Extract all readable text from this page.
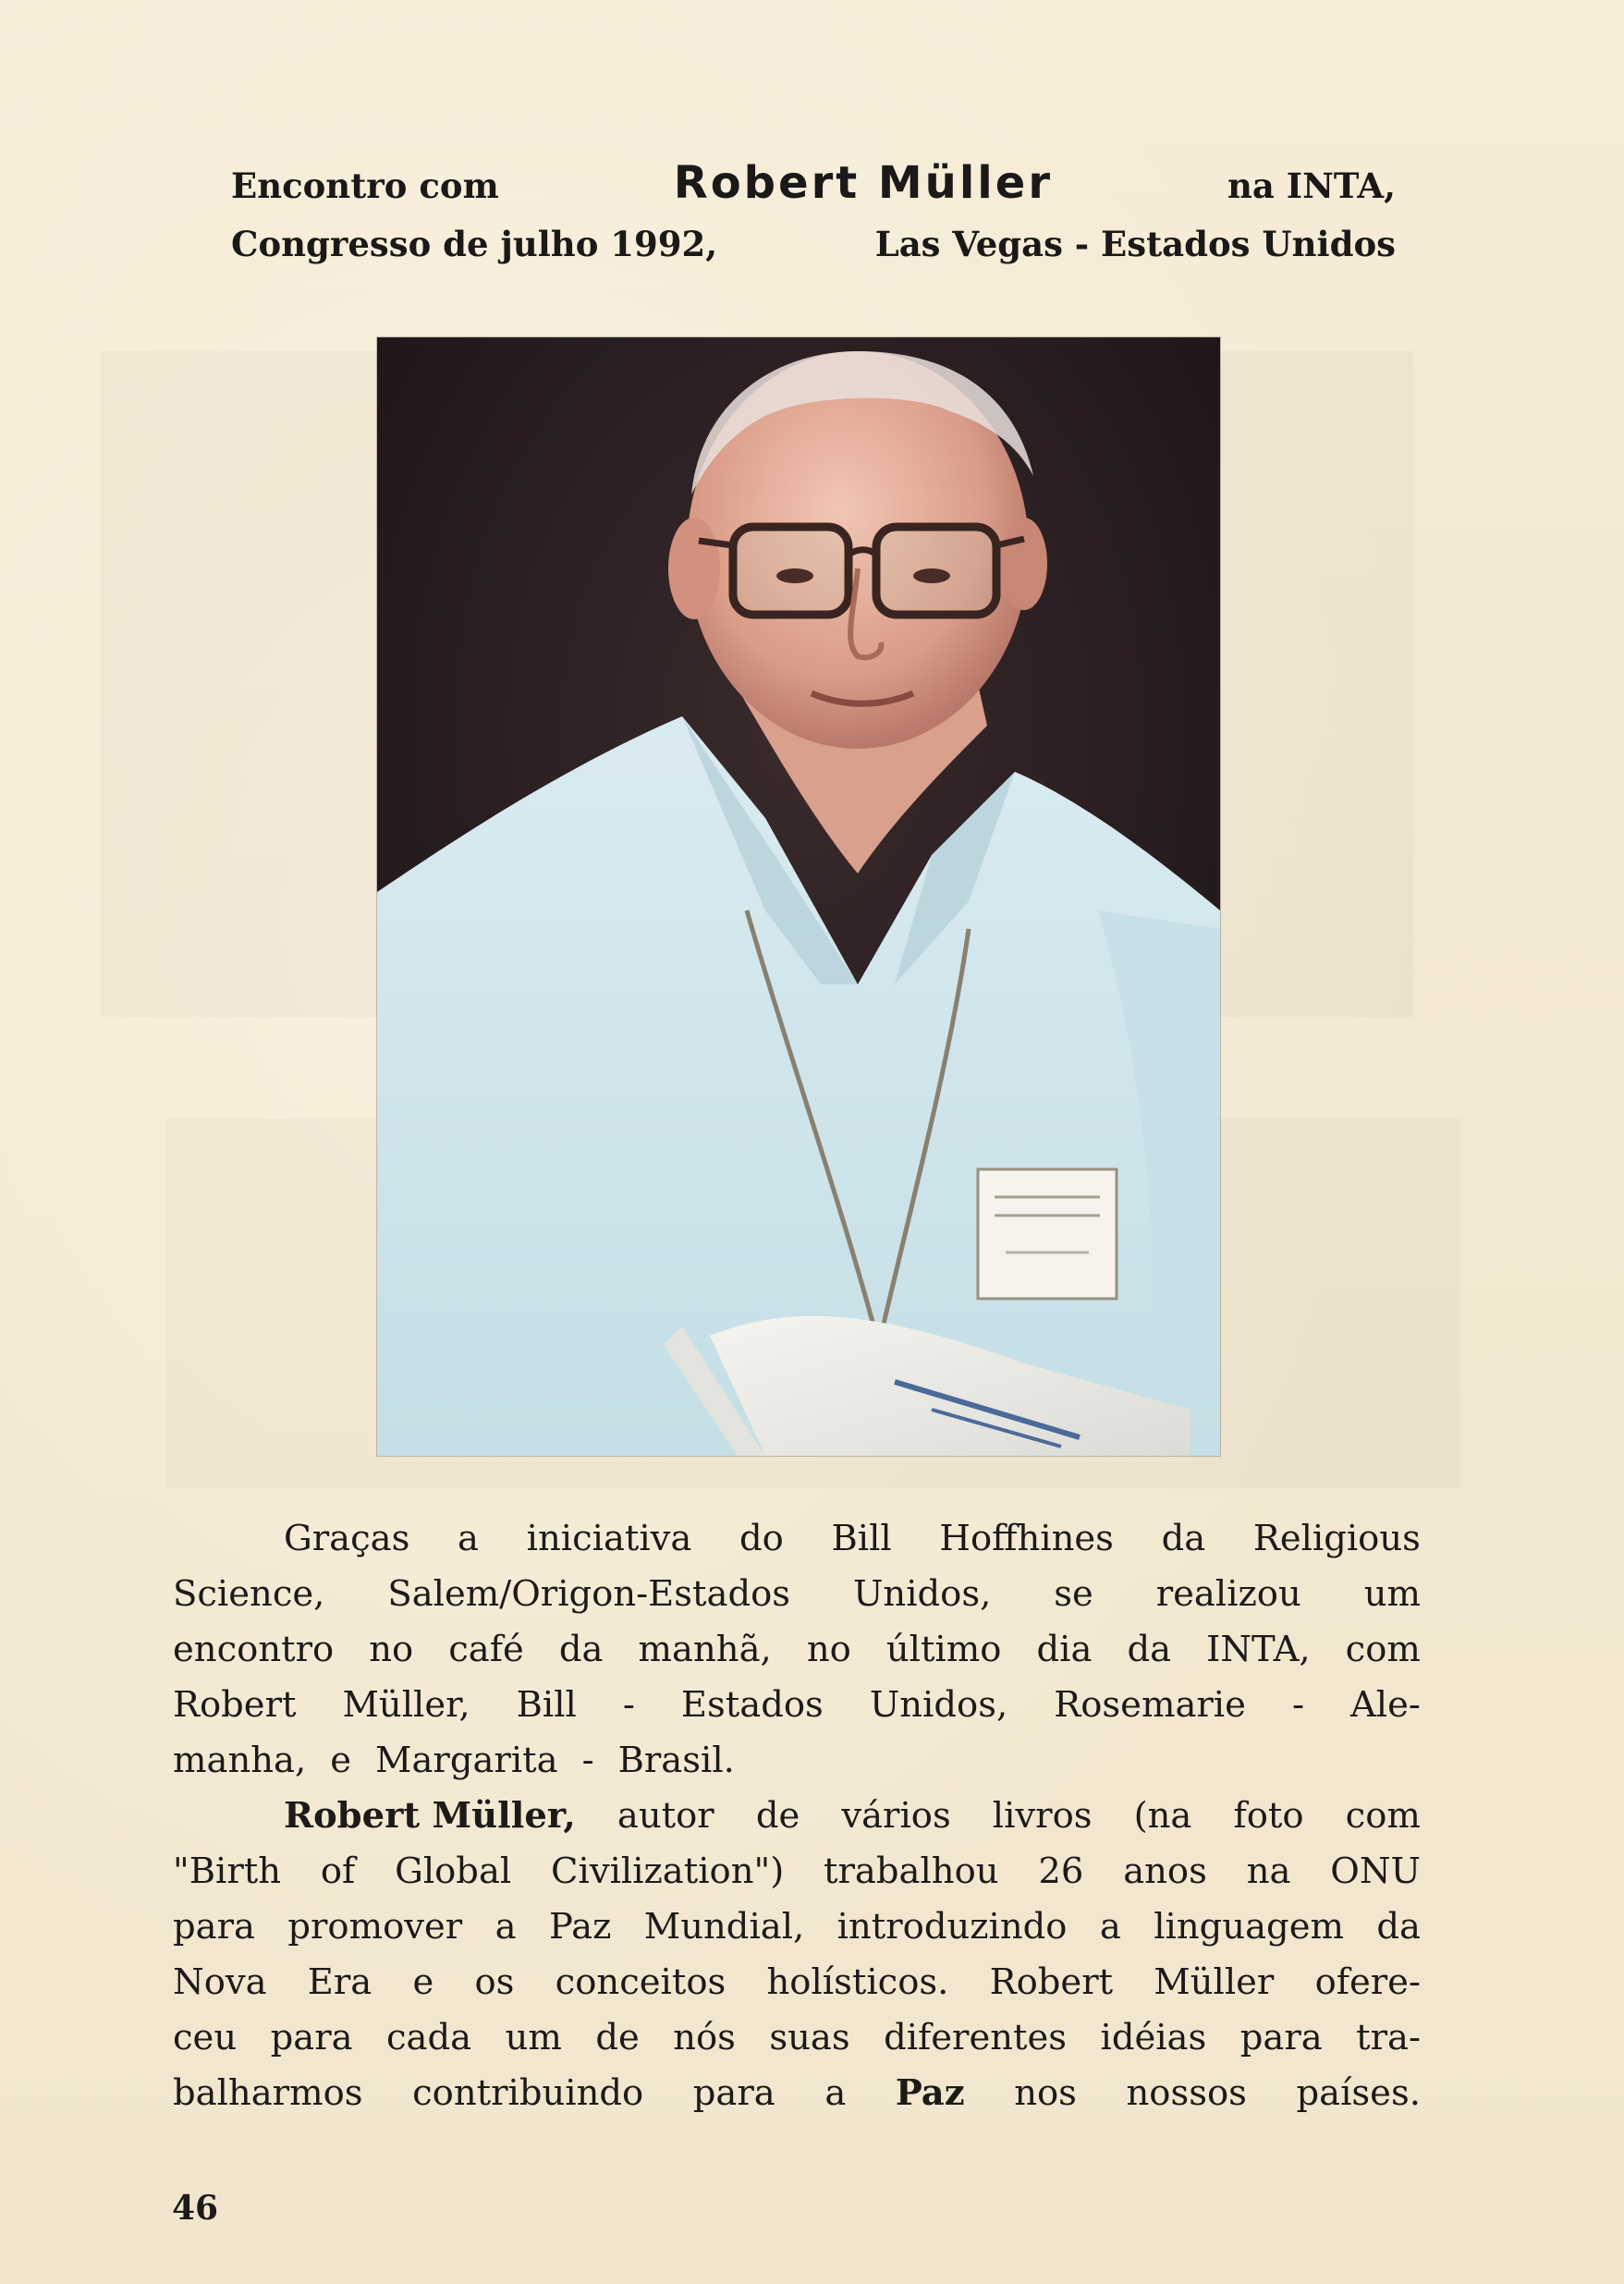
Encontro com	Robert Müller	na INTA,
Congresso de julho 1992,	Las Vegas - Estados Unidos
Graças a iniciativa do Bill Hoffhines da Religious
Science, Salem/Origon-Estados Unidos, se realizou um
encontro no café da manhã, no último dia da INTA, com
Robert Müller, Bill - Estados Unidos, Rosemarie - Ale-
manha, e Margarita - Brasil.
Robert Müller, autor de vários livros (na foto com
"Birth of Global Civilization") trabalhou 26 anos na ONU
para promover a Paz Mundial, introduzindo a linguagem da
Nova Era e os conceitos holísticos. Robert Müller ofere-
ceu para cada um de nós suas diferentes idéias para tra-
balharmos contribuindo para a Paz nos nossos países.
46
